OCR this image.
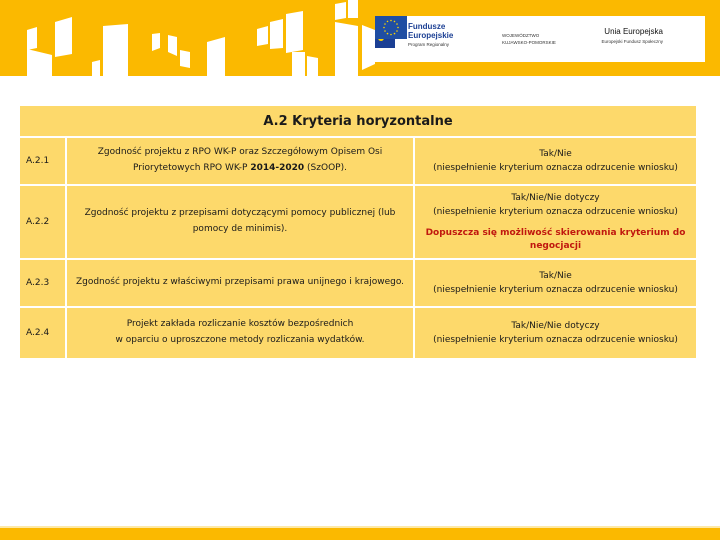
Fundusze
Europejskie
Program Regionalny
WOJEWÓDZTWO
KUJAWSKO-POMORSKIE
Unia Europejska
Europejski Fundusz Społeczny
A.2 Kryteria horyzontalne
A.2.1
Zgodność projektu z RPO WK-P oraz Szczegółowym Opisem Osi
Priorytetowych RPO WK-P 2014-2020 (SzOOP).
Tak/Nie
(niespełnienie kryterium oznacza odrzucenie wniosku)
A.2.2
Zgodność projektu z przepisami dotyczącymi pomocy publicznej (lub
pomocy de minimis).
Tak/Nie/Nie dotyczy
(niespełnienie kryterium oznacza odrzucenie wniosku)
Dopuszcza się możliwość skierowania kryterium do negocjacji
A.2.3	Zgodność projektu z właściwymi przepisami prawa unijnego i krajowego.
Tak/Nie
(niespełnienie kryterium oznacza odrzucenie wniosku)
A.2.4
Projekt zakłada rozliczanie kosztów bezpośrednich
w oparciu o uproszczone metody rozliczania wydatków.
Tak/Nie/Nie dotyczy
(niespełnienie kryterium oznacza odrzucenie wniosku)
